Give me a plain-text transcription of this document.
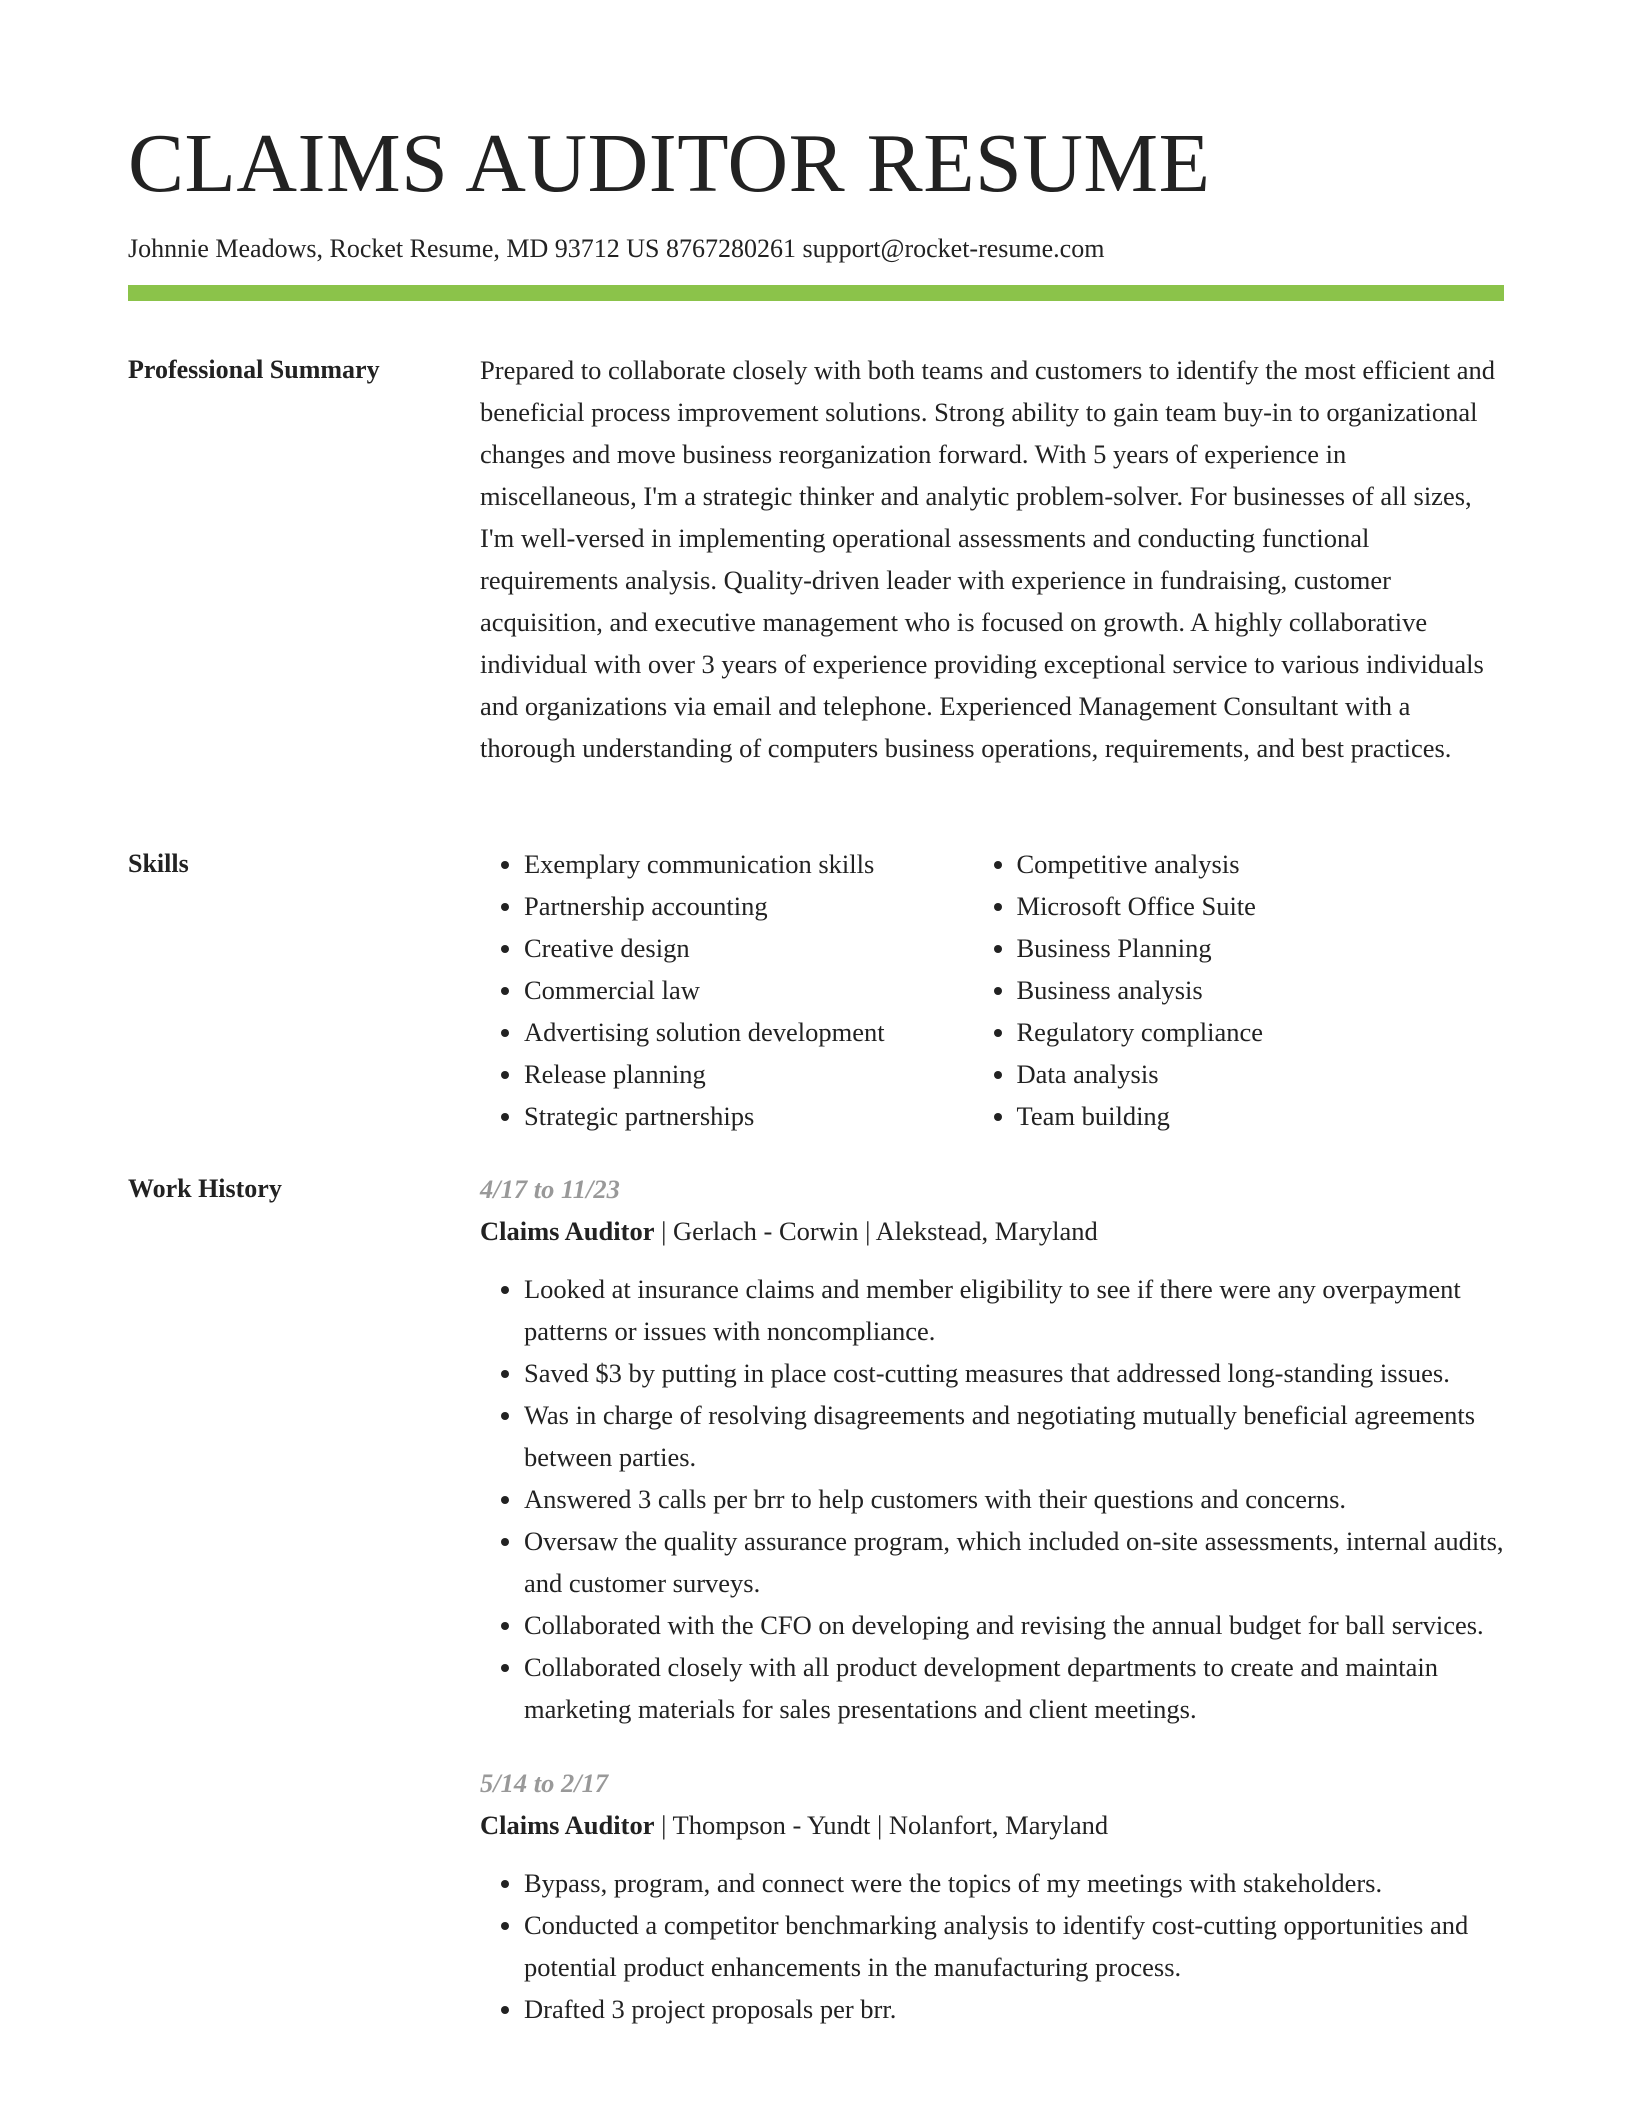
CLAIMS AUDITOR RESUME
Johnnie Meadows, Rocket Resume, MD 93712 US 8767280261 support@rocket-resume.com
Professional Summary	Prepared to collaborate closely with both teams and customers to identify the most efficient and beneficial process improvement solutions. Strong ability to gain team buy-in to organizational changes and move business reorganization forward. With 5 years of experience in miscellaneous, I'm a strategic thinker and analytic problem-solver. For businesses of all sizes, I'm well-versed in implementing operational assessments and conducting functional requirements analysis. Quality-driven leader with experience in fundraising, customer acquisition, and executive management who is focused on growth. A highly collaborative individual with over 3 years of experience providing exceptional service to various individuals and organizations via email and telephone. Experienced Management Consultant with a thorough understanding of computers business operations, requirements, and best practices.

Skills
•	Exemplary communication skills
• Partnership accounting
• Creative design
• Commercial law
• Advertising solution development
• Release planning
• Strategic partnerships
• Competitive analysis
• Microsoft Office Suite
• Business Planning
• Business analysis
• Regulatory compliance
• Data analysis
• Team building
Work History	4/17 to 11/23
Claims Auditor | Gerlach - Corwin | Alekstead, Maryland
• Looked at insurance claims and member eligibility to see if there were any overpayment patterns or issues with noncompliance.
• Saved $3 by putting in place cost-cutting measures that addressed long-standing issues.
• Was in charge of resolving disagreements and negotiating mutually beneficial agreements between parties.
• Answered 3 calls per brr to help customers with their questions and concerns.
• Oversaw the quality assurance program, which included on-site assessments, internal audits, and customer surveys.
• Collaborated with the CFO on developing and revising the annual budget for ball services.
• Collaborated closely with all product development departments to create and maintain marketing materials for sales presentations and client meetings.
5/14 to 2/17
Claims Auditor | Thompson - Yundt | Nolanfort, Maryland
• Bypass, program, and connect were the topics of my meetings with stakeholders.
• Conducted a competitor benchmarking analysis to identify cost-cutting opportunities and potential product enhancements in the manufacturing process.
• Drafted 3 project proposals per brr.
